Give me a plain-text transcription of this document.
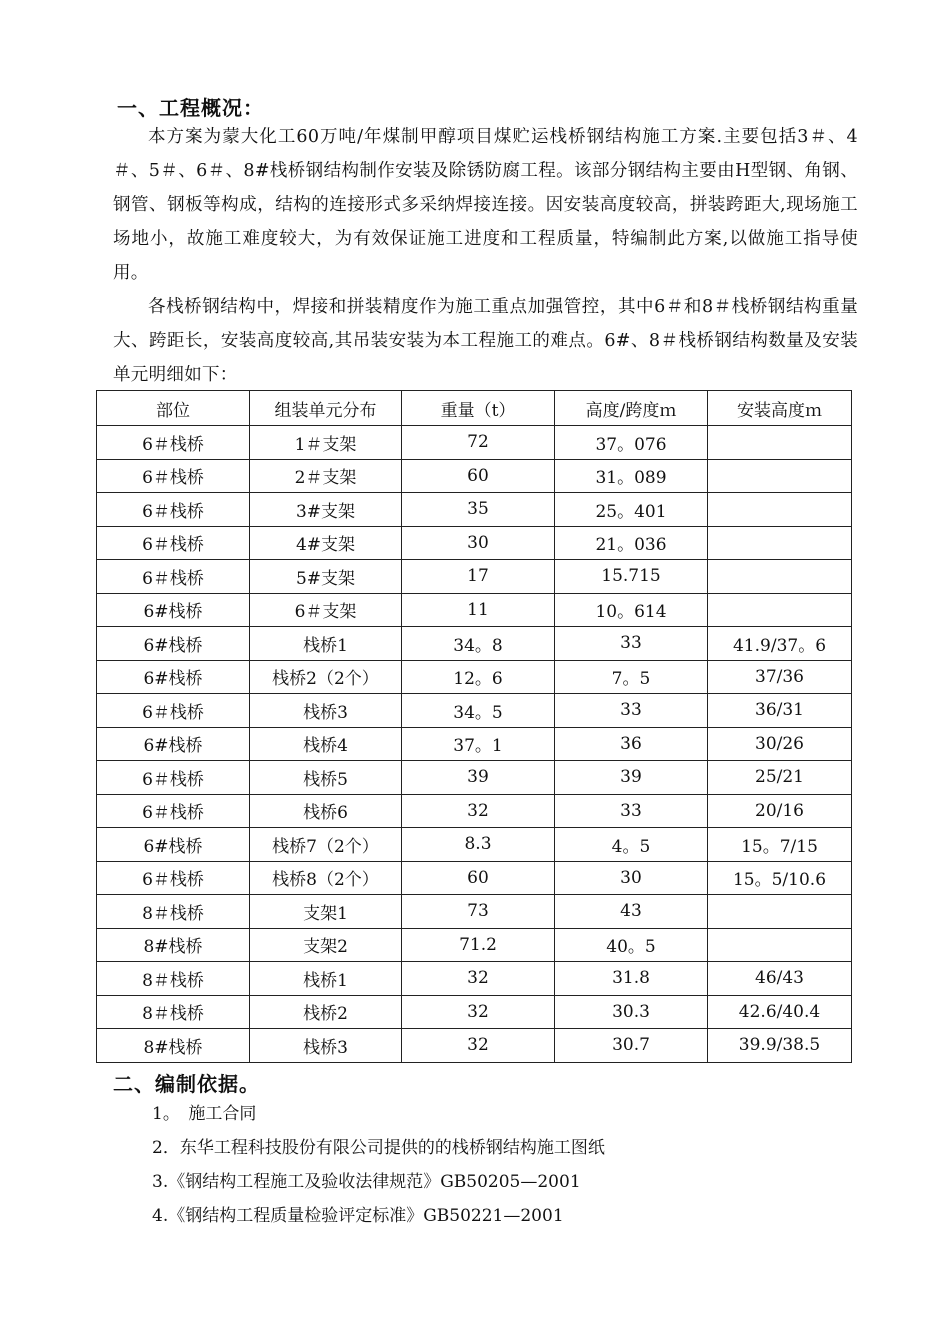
一、工程概况：
本方案为蒙大化工60万吨/年煤制甲醇项目煤贮运栈桥钢结构施工方案.主要包括3＃、4＃、5＃、6＃、8#栈桥钢结构制作安装及除锈防腐工程。该部分钢结构主要由H型钢、角钢、钢管、钢板等构成，结构的连接形式多采纳焊接连接。因安装高度较高，拼装跨距大,现场施工场地小，故施工难度较大，为有效保证施工进度和工程质量，特编制此方案,以做施工指导使用。
各栈桥钢结构中，焊接和拼装精度作为施工重点加强管控，其中6＃和8＃栈桥钢结构重量大、跨距长，安装高度较高,其吊装安装为本工程施工的难点。6#、8＃栈桥钢结构数量及安装单元明细如下：
部位	组装单元分布	重量（t）	高度/跨度ｍ	安装高度ｍ
6＃栈桥	1＃支架	72	37。076	
6＃栈桥	2＃支架	60	31。089	
6＃栈桥	3#支架	35	25。401	
6＃栈桥	4#支架	30	21。036	
6＃栈桥	5#支架	17	15.715	
6#栈桥	6＃支架	11	10。614	
6#栈桥	栈桥1	34。8	33	41.9/37。6
6#栈桥	栈桥2（2个）	12。6	7。5	37/36
6＃栈桥	栈桥3	34。5	33	36/31
6#栈桥	栈桥4	37。1	36	30/26
6＃栈桥	栈桥5	39	39	25/21
6＃栈桥	栈桥6	32	33	20/16
6#栈桥	栈桥7（2个）	8.3	4。5	15。7/15
6＃栈桥	栈桥8（2个）	60	30	15。5/10.6
8＃栈桥	支架1	73	43	
8#栈桥	支架2	71.2	40。5	
8＃栈桥	栈桥1	32	31.8	46/43
8＃栈桥	栈桥2	32	30.3	42.6/40.4
8#栈桥	栈桥3	32	30.7	39.9/38.5
二、编制依据。
1。　施工合同
2．东华工程科技股份有限公司提供的的栈桥钢结构施工图纸
3.《钢结构工程施工及验收法律规范》GB50205—2001
4.《钢结构工程质量检验评定标准》GB50221—2001
